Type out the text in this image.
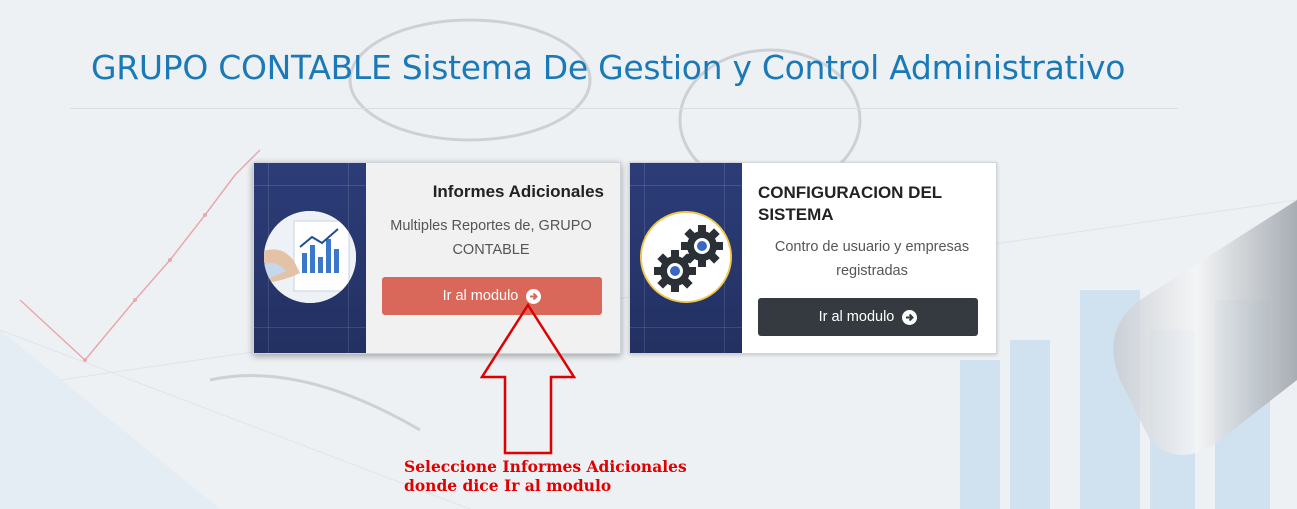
GRUPO CONTABLE Sistema De Gestion y Control Administrativo
Informes Adicionales
Multiples Reportes de, GRUPO CONTABLE
Ir al modulo
CONFIGURACION DEL SISTEMA
Contro de usuario y empresas registradas
Ir al modulo
Seleccione Informes Adicionales
donde dice Ir al modulo
